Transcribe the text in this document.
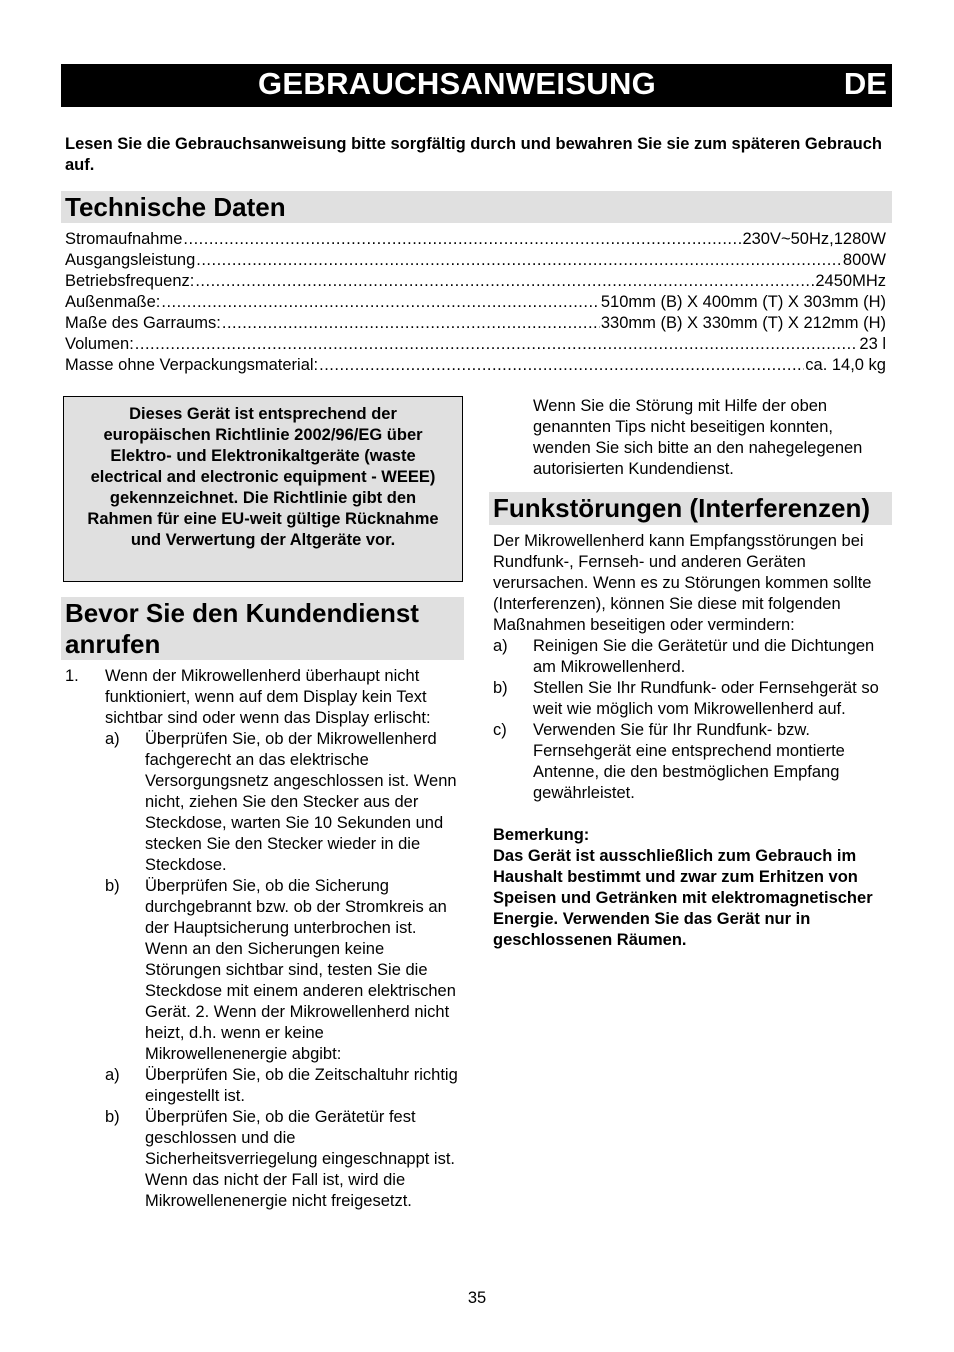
GEBRAUCHSANWEISUNG	DE
Lesen Sie die Gebrauchsanweisung bitte sorgfältig durch und bewahren Sie sie zum späteren Gebrauch auf.
Technische Daten
Stromaufnahme .....	230V~50Hz,1280W
Ausgangsleistung .....	800W
Betriebsfrequenz: .....	2450MHz
Außenmaße: .....	510mm (B) X 400mm (T) X 303mm (H)
Maße des Garraums: .....	330mm (B) X 330mm (T) X 212mm (H)
Volumen: .....	23 l
Masse ohne Verpackungsmaterial: .....	ca. 14,0 kg
Dieses Gerät ist entsprechend der europäischen Richtlinie 2002/96/EG über Elektro- und Elektronikaltgeräte (waste electrical and electronic equipment - WEEE) gekennzeichnet. Die Richtlinie gibt den Rahmen für eine EU-weit gültige Rücknahme und Verwertung der Altgeräte vor.
Bevor Sie den Kundendienst
anrufen
1. Wenn der Mikrowellenherd überhaupt nicht funktioniert, wenn auf dem Display kein Text sichtbar sind oder wenn das Display erlischt:
a) Überprüfen Sie, ob der Mikrowellenherd fachgerecht an das elektrische Versorgungsnetz angeschlossen ist. Wenn nicht, ziehen Sie den Stecker aus der Steckdose, warten Sie 10 Sekunden und stecken Sie den Stecker wieder in die Steckdose.
b) Überprüfen Sie, ob die Sicherung durchgebrannt bzw. ob der Stromkreis an der Hauptsicherung unterbrochen ist. Wenn an den Sicherungen keine Störungen sichtbar sind, testen Sie die Steckdose mit einem anderen elektrischen Gerät. 2. Wenn der Mikrowellenherd nicht heizt, d.h. wenn er keine Mikrowellenenergie abgibt:
a) Überprüfen Sie, ob die Zeitschaltuhr richtig eingestellt ist.
b) Überprüfen Sie, ob die Gerätetür fest geschlossen und die Sicherheitsverriegelung eingeschnappt ist. Wenn das nicht der Fall ist, wird die Mikrowellenenergie nicht freigesetzt.
Wenn Sie die Störung mit Hilfe der oben genannten Tips nicht beseitigen konnten, wenden Sie sich bitte an den nahegelegenen autorisierten Kundendienst.
Funkstörungen (Interferenzen)
Der Mikrowellenherd kann Empfangsstörungen bei Rundfunk-, Fernseh- und anderen Geräten verursachen. Wenn es zu Störungen kommen sollte (Interferenzen), können Sie diese mit folgenden Maßnahmen beseitigen oder vermindern:
a) Reinigen Sie die Gerätetür und die Dichtungen am Mikrowellenherd.
b) Stellen Sie Ihr Rundfunk- oder Fernsehgerät so weit wie möglich vom Mikrowellenherd auf.
c) Verwenden Sie für Ihr Rundfunk- bzw. Fernsehgerät eine entsprechend montierte Antenne, die den bestmöglichen Empfang gewährleistet.
Bemerkung:
Das Gerät ist ausschließlich zum Gebrauch im Haushalt bestimmt und zwar zum Erhitzen von Speisen und Getränken mit elektromagnetischer Energie. Verwenden Sie das Gerät nur in geschlossenen Räumen.
35
